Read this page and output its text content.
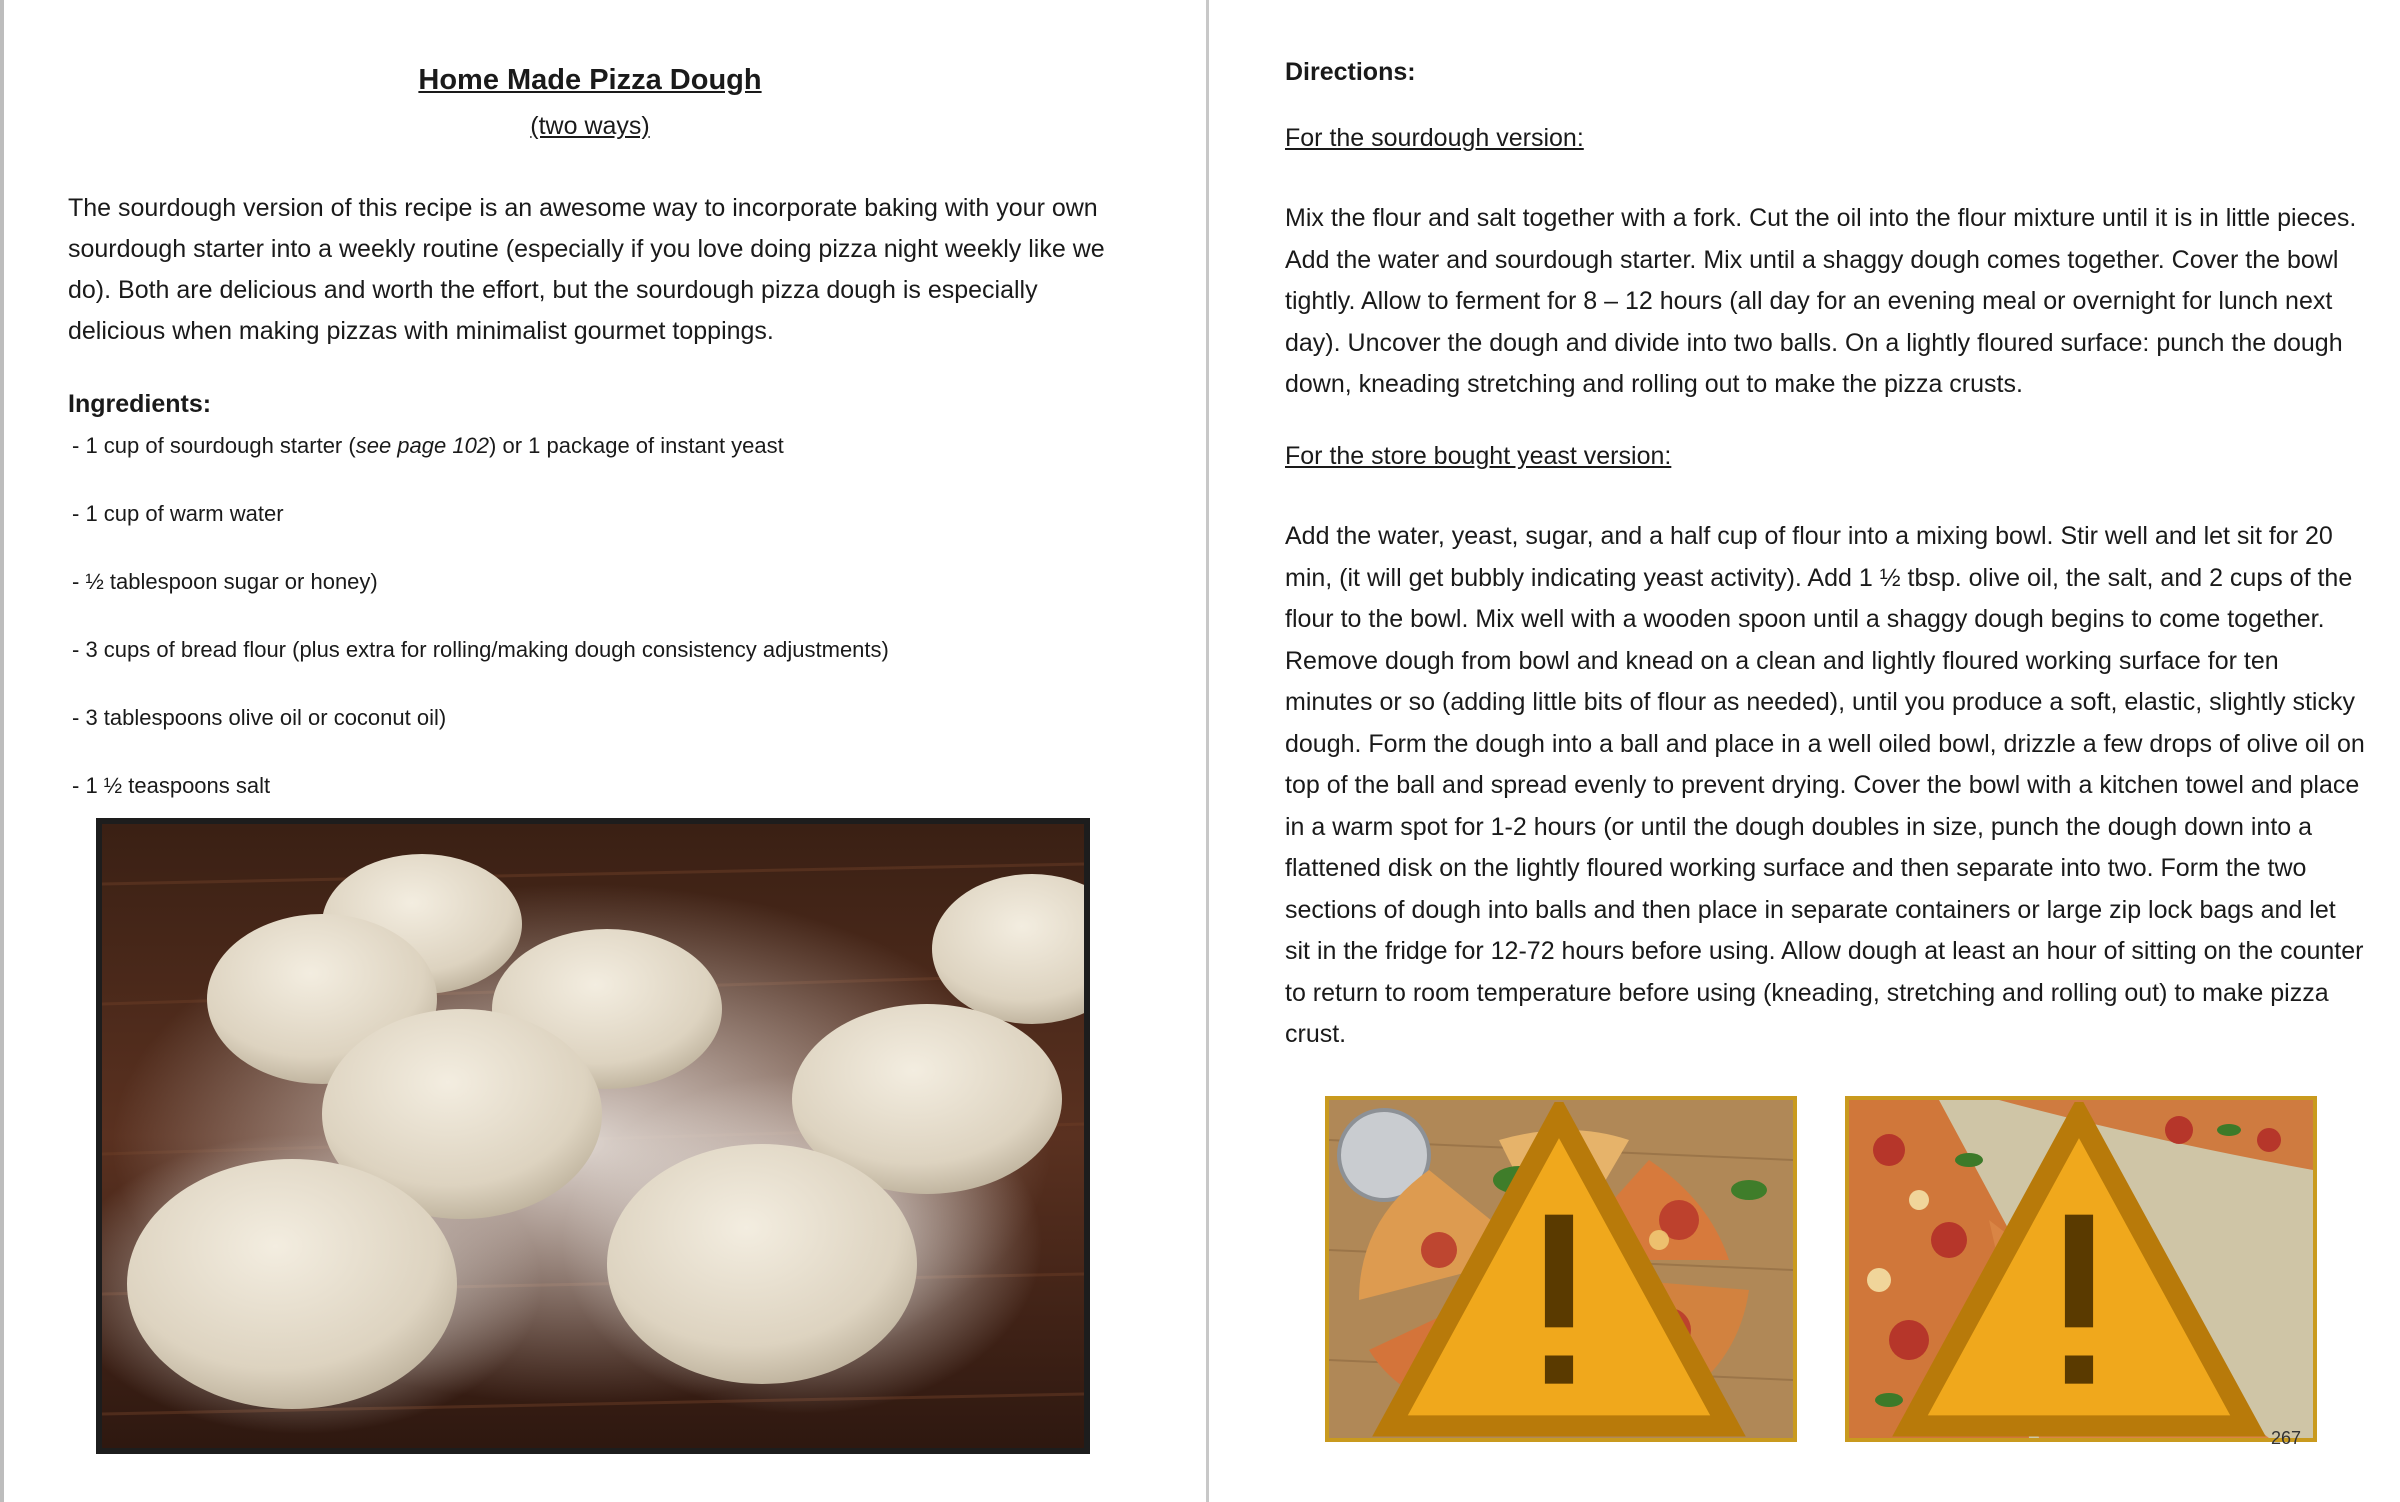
Home Made Pizza Dough

(two ways)

The sourdough version of this recipe is an awesome way to incorporate baking with your own sourdough starter into a weekly routine (especially if you love doing pizza night weekly like we do). Both are delicious and worth the effort, but the sourdough pizza dough is especially delicious when making pizzas with minimalist gourmet toppings.

Ingredients:
- 1 cup of sourdough starter (see page 102) or 1 package of instant yeast
- 1 cup of warm water
- ½ tablespoon sugar or honey)
- 3 cups of bread flour (plus extra for rolling/making dough consistency adjustments)
- 3 tablespoons olive oil or coconut oil)
- 1 ½ teaspoons salt
Directions:

For the sourdough version:

Mix the flour and salt together with a fork. Cut the oil into the flour mixture until it is in little pieces. Add the water and sourdough starter. Mix until a shaggy dough comes together. Cover the bowl tightly. Allow to ferment for 8 – 12 hours (all day for an evening meal or overnight for lunch next day). Uncover the dough and divide into two balls. On a lightly floured surface: punch the dough down, kneading stretching and rolling out to make the pizza crusts.

For the store bought yeast version:

Add the water, yeast, sugar, and a half cup of flour into a mixing bowl. Stir well and let sit for 20 min, (it will get bubbly indicating yeast activity). Add 1 ½ tbsp. olive oil, the salt, and 2 cups of the flour to the bowl. Mix well with a wooden spoon until a shaggy dough begins to come together. Remove dough from bowl and knead on a clean and lightly floured working surface for ten minutes or so (adding little bits of flour as needed), until you produce a soft, elastic, slightly sticky dough. Form the dough into a ball and place in a well oiled bowl, drizzle a few drops of olive oil on top of the ball and spread evenly to prevent drying. Cover the bowl with a kitchen towel and place in a warm spot for 1-2 hours (or until the dough doubles in size, punch the dough down into a flattened disk on the lightly floured working surface and then separate into two. Form the two sections of dough into balls and then place in separate containers or large zip lock bags and let sit in the fridge for 12-72 hours before using. Allow dough at least an hour of sitting on the counter to return to room temperature before using (kneading, stretching and rolling out) to make pizza crust.

267
